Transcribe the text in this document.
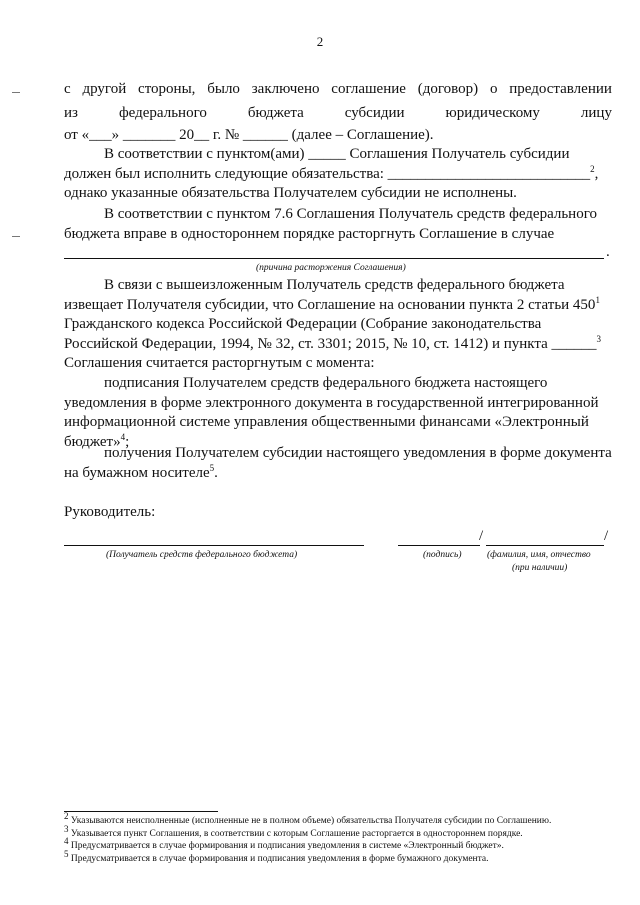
2
с другой стороны, было заключено соглашение (договор) о предоставлении
из	федерального	бюджета	субсидии	юридическому	лицу
от «___» _______ 20__ г. № ______ (далее – Соглашение).
В соответствии с пунктом(ами) _____ Соглашения Получатель субсидии
должен был исполнить следующие обязательства: ___________________________$^2$,
однако указанные обязательства Получателем субсидии не исполнены.
В соответствии с пунктом 7.6 Соглашения Получатель средств федерального
бюджета вправе в одностороннем порядке расторгнуть Соглашение в случае
.
(причина расторжения Соглашения)
В связи с вышеизложенным Получатель средств федерального бюджета
извещает Получателя субсидии, что Соглашение на основании пункта 2 статьи $450^1$
Гражданского кодекса Российской Федерации (Собрание законодательства
Российской Федерации, 1994, № 32, ст. 3301; 2015, № 10, ст. 1412) и пункта ______$^3$
Соглашения считается расторгнутым с момента:
подписания Получателем средств федерального бюджета настоящего
уведомления в форме электронного документа в государственной интегрированной
информационной системе управления общественными финансами «Электронный
бюджет»$^4$;
получения Получателем субсидии настоящего уведомления в форме документа
на бумажном носителе$^5$.
Руководитель:
/	/
(Получатель средств федерального бюджета)	(подпись)	(фамилия, имя, отчество
(при наличии)
$^2$ Указываются неисполненные (исполненные не в полном объеме) обязательства Получателя субсидии по Соглашению.
$^3$ Указывается пункт Соглашения, в соответствии с которым Соглашение расторгается в одностороннем порядке.
$^4$ Предусматривается в случае формирования и подписания уведомления в системе «Электронный бюджет».
$^5$ Предусматривается в случае формирования и подписания уведомления в форме бумажного документа.
